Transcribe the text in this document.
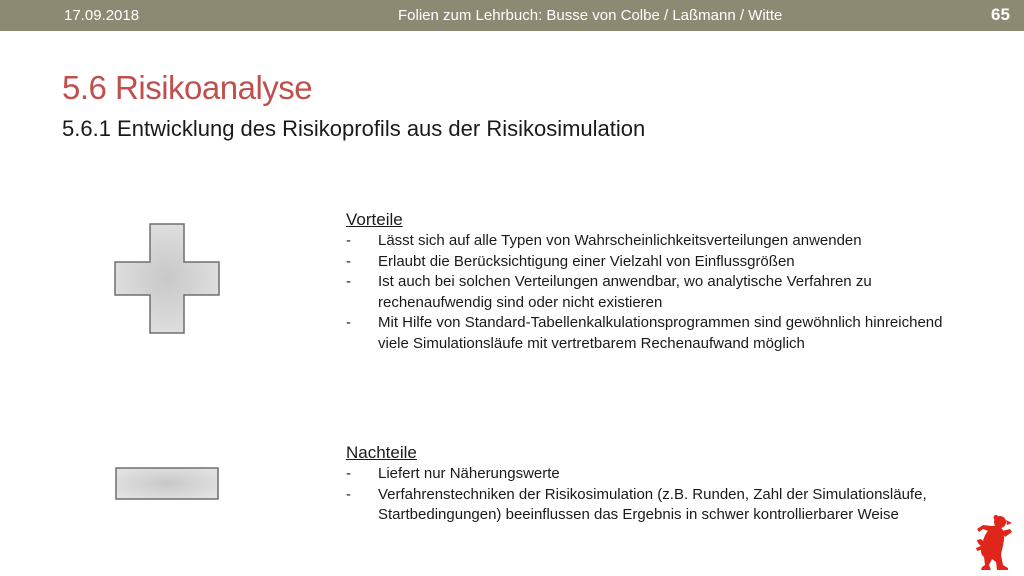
17.09.2018	Folien zum Lehrbuch: Busse von Colbe / Laßmann / Witte	65
5.6 Risikoanalyse
5.6.1 Entwicklung des Risikoprofils aus der Risikosimulation
Vorteile
- Lässt sich auf alle Typen von Wahrscheinlichkeitsverteilungen anwenden
- Erlaubt die Berücksichtigung einer Vielzahl von Einflussgrößen
- Ist auch bei solchen Verteilungen anwendbar, wo analytische Verfahren zu rechenaufwendig sind oder nicht existieren
- Mit Hilfe von Standard-Tabellenkalkulationsprogrammen sind gewöhnlich hinreichend viele Simulationsläufe mit vertretbarem Rechenaufwand möglich
Nachteile
- Liefert nur Näherungswerte
- Verfahrenstechniken der Risikosimulation (z.B. Runden, Zahl der Simulationsläufe, Startbedingungen) beeinflussen das Ergebnis in schwer kontrollierbarer Weise
